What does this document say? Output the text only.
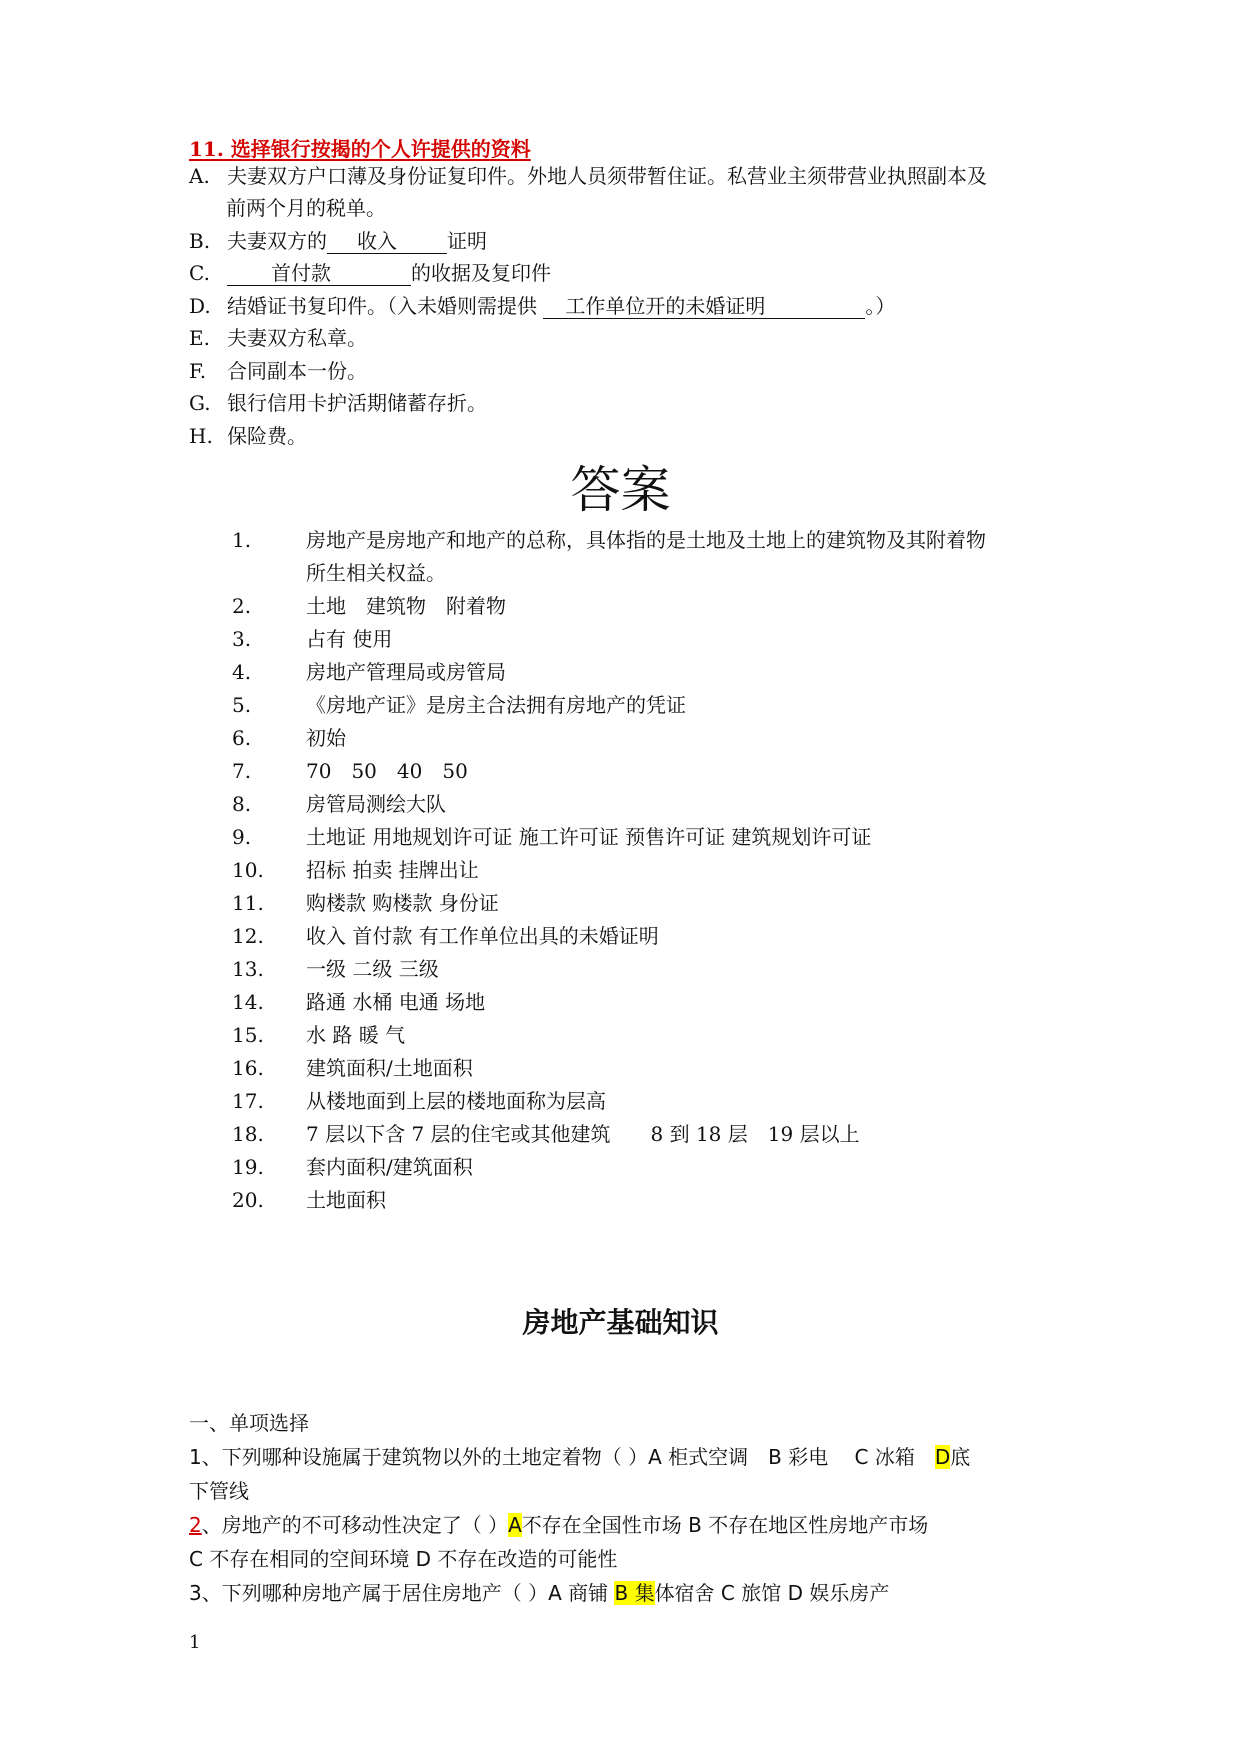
11. 选择银行按揭的个人许提供的资料
A. 夫妻双方户口薄及身份证复印件。外地人员须带暂住证。私营业主须带营业执照副本及
前两个月的税单。
B. 夫妻双方的 收入	证明
C.	首付款	的收据及复印件
D. 结婚证书复印件。（入未婚则需提供 工作单位开的未婚证明	。）
E. 夫妻双方私章。
F. 合同副本一份。
G. 银行信用卡护活期储蓄存折。
H. 保险费。
答案
1.	房地产是房地产和地产的总称，具体指的是土地及土地上的建筑物及其附着物
所生相关权益。
2.	土地　建筑物　附着物
3.	占有 使用
4.	房地产管理局或房管局
5.	《房地产证》是房主合法拥有房地产的凭证
6.	初始
7.	70　50　40　50
8.	房管局测绘大队
9.	土地证 用地规划许可证 施工许可证 预售许可证 建筑规划许可证
10. 招标 拍卖 挂牌出让
11. 购楼款 购楼款 身份证
12. 收入 首付款 有工作单位出具的未婚证明
13. 一级 二级 三级
14. 路通 水桶 电通 场地
15. 水 路 暖 气
16. 建筑面积/土地面积
17. 从楼地面到上层的楼地面称为层高
18. 7 层以下含 7 层的住宅或其他建筑　　8 到 18 层　19 层以上
19. 套内面积/建筑面积
20. 土地面积
房地产基础知识
一、单项选择
1、下列哪种设施属于建筑物以外的土地定着物（ ）A 柜式空调　B 彩电　 C 冰箱　D底
下管线
2、房地产的不可移动性决定了（ ）A不存在全国性市场 B 不存在地区性房地产市场
C 不存在相同的空间环境 D 不存在改造的可能性
3、下列哪种房地产属于居住房地产（ ）A 商铺 B 集体宿舍 C 旅馆 D 娱乐房产
1
